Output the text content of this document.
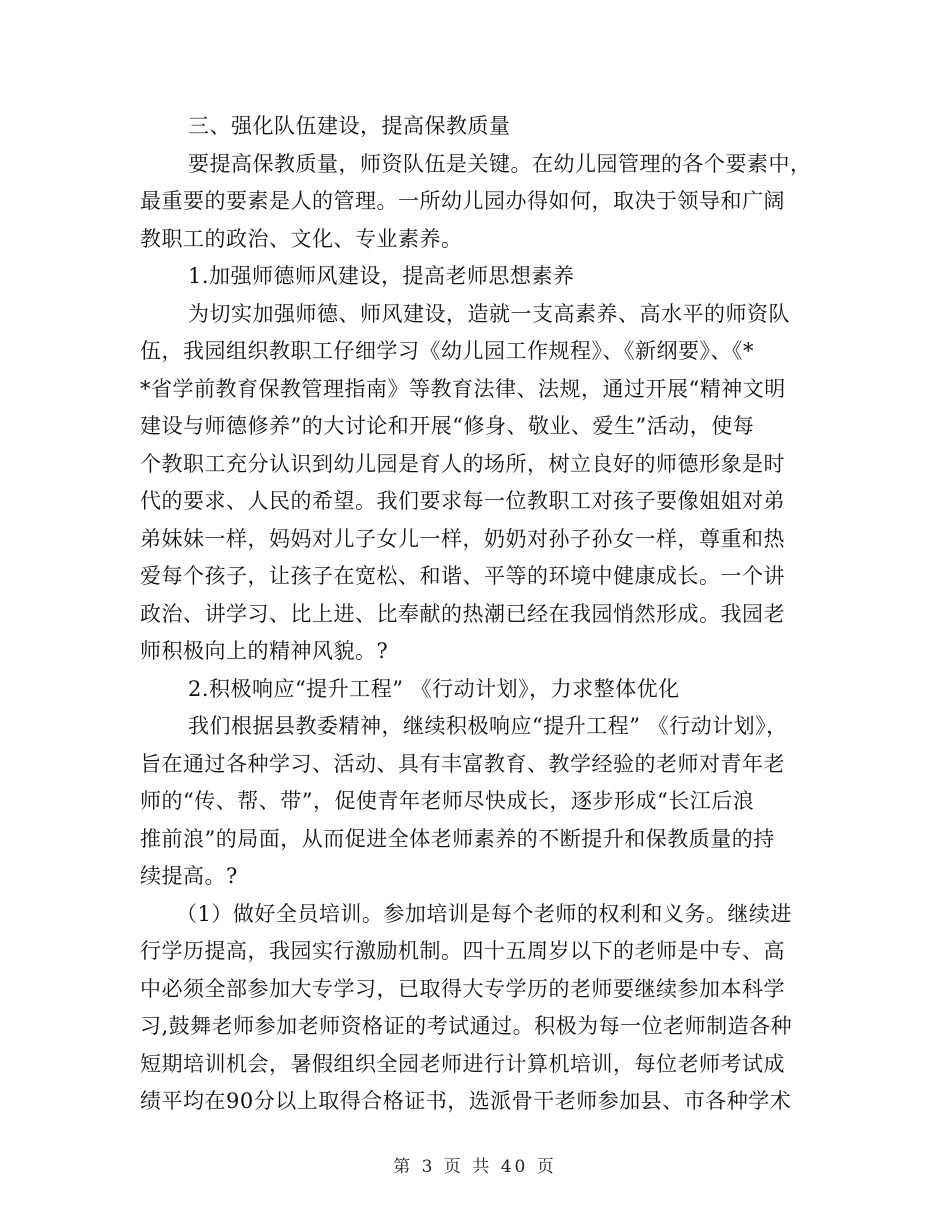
三、强化队伍建设，提高保教质量
要提高保教质量，师资队伍是关键。在幼儿园管理的各个要素中，
最重要的要素是人的管理。一所幼儿园办得如何，取决于领导和广阔
教职工的政治、文化、专业素养。
1.加强师德师风建设，提高老师思想素养
为切实加强师德、师风建设，造就一支高素养、高水平的师资队
伍，我园组织教职工仔细学习《幼儿园工作规程》、《新纲要》、《*
*省学前教育保教管理指南》等教育法律、法规，通过开展“精神文明
建设与师德修养”的大讨论和开展“修身、敬业、爱生”活动，使每
个教职工充分认识到幼儿园是育人的场所，树立良好的师德形象是时
代的要求、人民的希望。我们要求每一位教职工对孩子要像姐姐对弟
弟妹妹一样，妈妈对儿子女儿一样，奶奶对孙子孙女一样，尊重和热
爱每个孩子，让孩子在宽松、和谐、平等的环境中健康成长。一个讲
政治、讲学习、比上进、比奉献的热潮已经在我园悄然形成。我园老
师积极向上的精神风貌。?
2.积极响应“提升工程” 《行动计划》，力求整体优化
我们根据县教委精神，继续积极响应“提升工程” 《行动计划》，
旨在通过各种学习、活动、具有丰富教育、教学经验的老师对青年老
师的“传、帮、带”，促使青年老师尽快成长，逐步形成“长江后浪
推前浪”的局面，从而促进全体老师素养的不断提升和保教质量的持
续提高。?
（1）做好全员培训。参加培训是每个老师的权利和义务。继续进
行学历提高，我园实行激励机制。四十五周岁以下的老师是中专、高
中必须全部参加大专学习，已取得大专学历的老师要继续参加本科学
习,鼓舞老师参加老师资格证的考试通过。积极为每一位老师制造各种
短期培训机会，暑假组织全园老师进行计算机培训，每位老师考试成
绩平均在90分以上取得合格证书，选派骨干老师参加县、市各种学术
第 3 页 共 40 页
